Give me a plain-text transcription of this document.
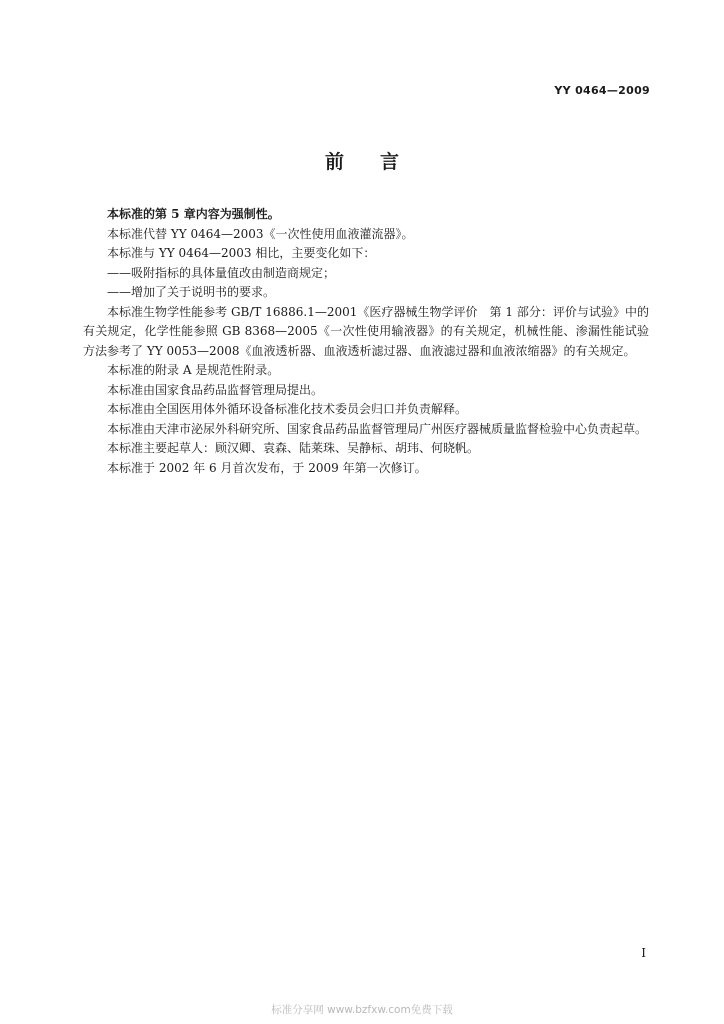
YY 0464—2009
前 言

本标准的第 5 章内容为强制性。

本标准代替 YY 0464—2003《一次性使用血液灌流器》。

本标准与 YY 0464—2003 相比，主要变化如下：

——吸附指标的具体量值改由制造商规定；

——增加了关于说明书的要求。

本标准生物学性能参考 GB/T 16886.1—2001《医疗器械生物学评价　第 1 部分：评价与试验》中的有关规定，化学性能参照 GB 8368—2005《一次性使用输液器》的有关规定，机械性能、渗漏性能试验方法参考了 YY 0053—2008《血液透析器、血液透析滤过器、血液滤过器和血液浓缩器》的有关规定。

本标准的附录 A 是规范性附录。

本标准由国家食品药品监督管理局提出。

本标准由全国医用体外循环设备标准化技术委员会归口并负责解释。

本标准由天津市泌尿外科研究所、国家食品药品监督管理局广州医疗器械质量监督检验中心负责起草。

本标准主要起草人：顾汉卿、袁森、陆莱珠、吴静标、胡玮、何晓帆。

本标准于 2002 年 6 月首次发布，于 2009 年第一次修订。

I
标准分享网 www.bzfxw.com免费下载
